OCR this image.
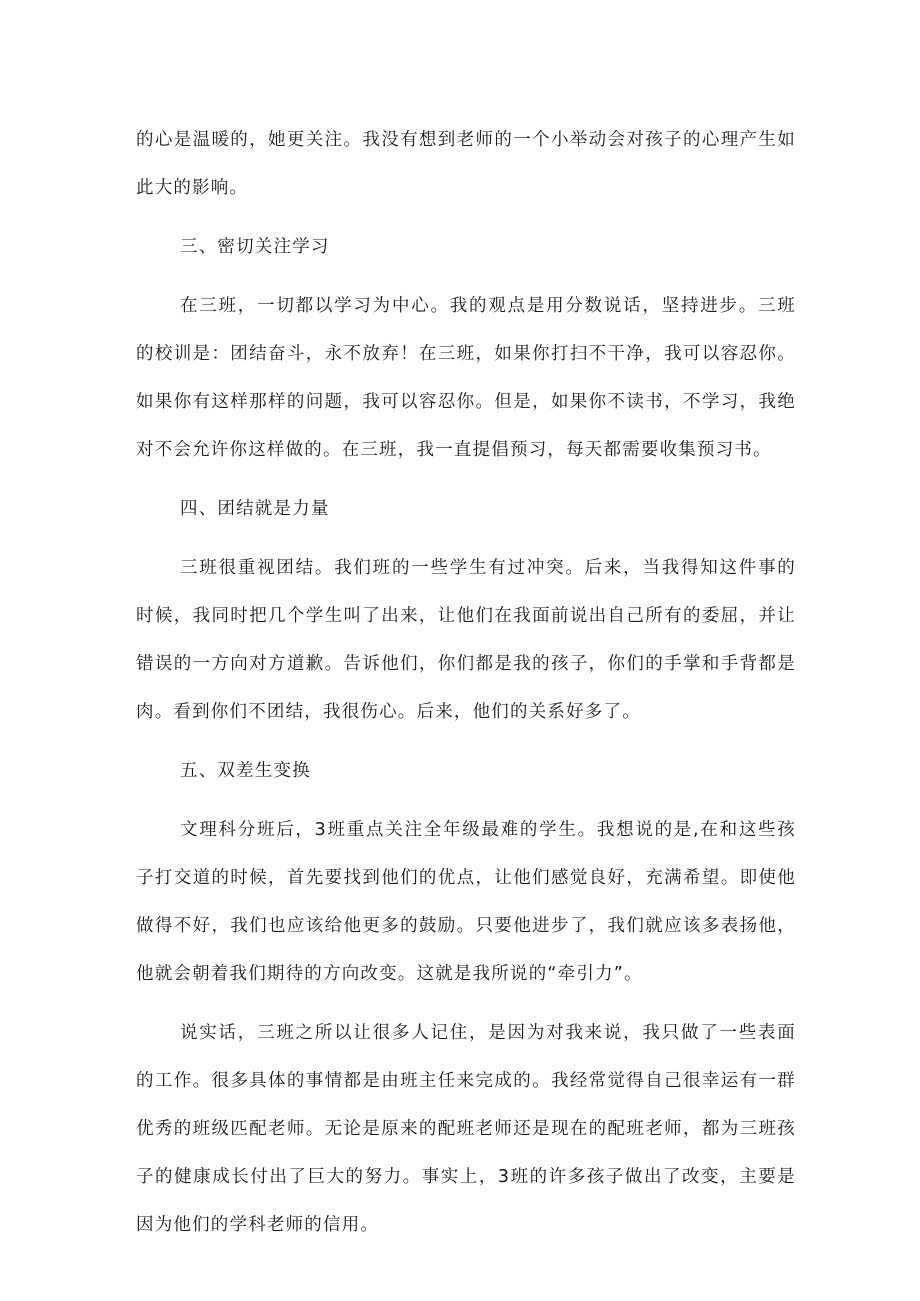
的心是温暖的，她更关注。我没有想到老师的一个小举动会对孩子的心理产生如此大的影响。

三、密切关注学习

在三班，一切都以学习为中心。我的观点是用分数说话，坚持进步。三班的校训是：团结奋斗，永不放弃！在三班，如果你打扫不干净，我可以容忍你。如果你有这样那样的问题，我可以容忍你。但是，如果你不读书，不学习，我绝对不会允许你这样做的。在三班，我一直提倡预习，每天都需要收集预习书。

四、团结就是力量

三班很重视团结。我们班的一些学生有过冲突。后来，当我得知这件事的时候，我同时把几个学生叫了出来，让他们在我面前说出自己所有的委屈，并让错误的一方向对方道歉。告诉他们，你们都是我的孩子，你们的手掌和手背都是肉。看到你们不团结，我很伤心。后来，他们的关系好多了。

五、双差生变换

文理科分班后，3班重点关注全年级最难的学生。我想说的是,在和这些孩子打交道的时候，首先要找到他们的优点，让他们感觉良好，充满希望。即使他做得不好，我们也应该给他更多的鼓励。只要他进步了，我们就应该多表扬他，他就会朝着我们期待的方向改变。这就是我所说的“牵引力”。

说实话，三班之所以让很多人记住，是因为对我来说，我只做了一些表面的工作。很多具体的事情都是由班主任来完成的。我经常觉得自己很幸运有一群优秀的班级匹配老师。无论是原来的配班老师还是现在的配班老师，都为三班孩子的健康成长付出了巨大的努力。事实上，3班的许多孩子做出了改变，主要是因为他们的学科老师的信用。
